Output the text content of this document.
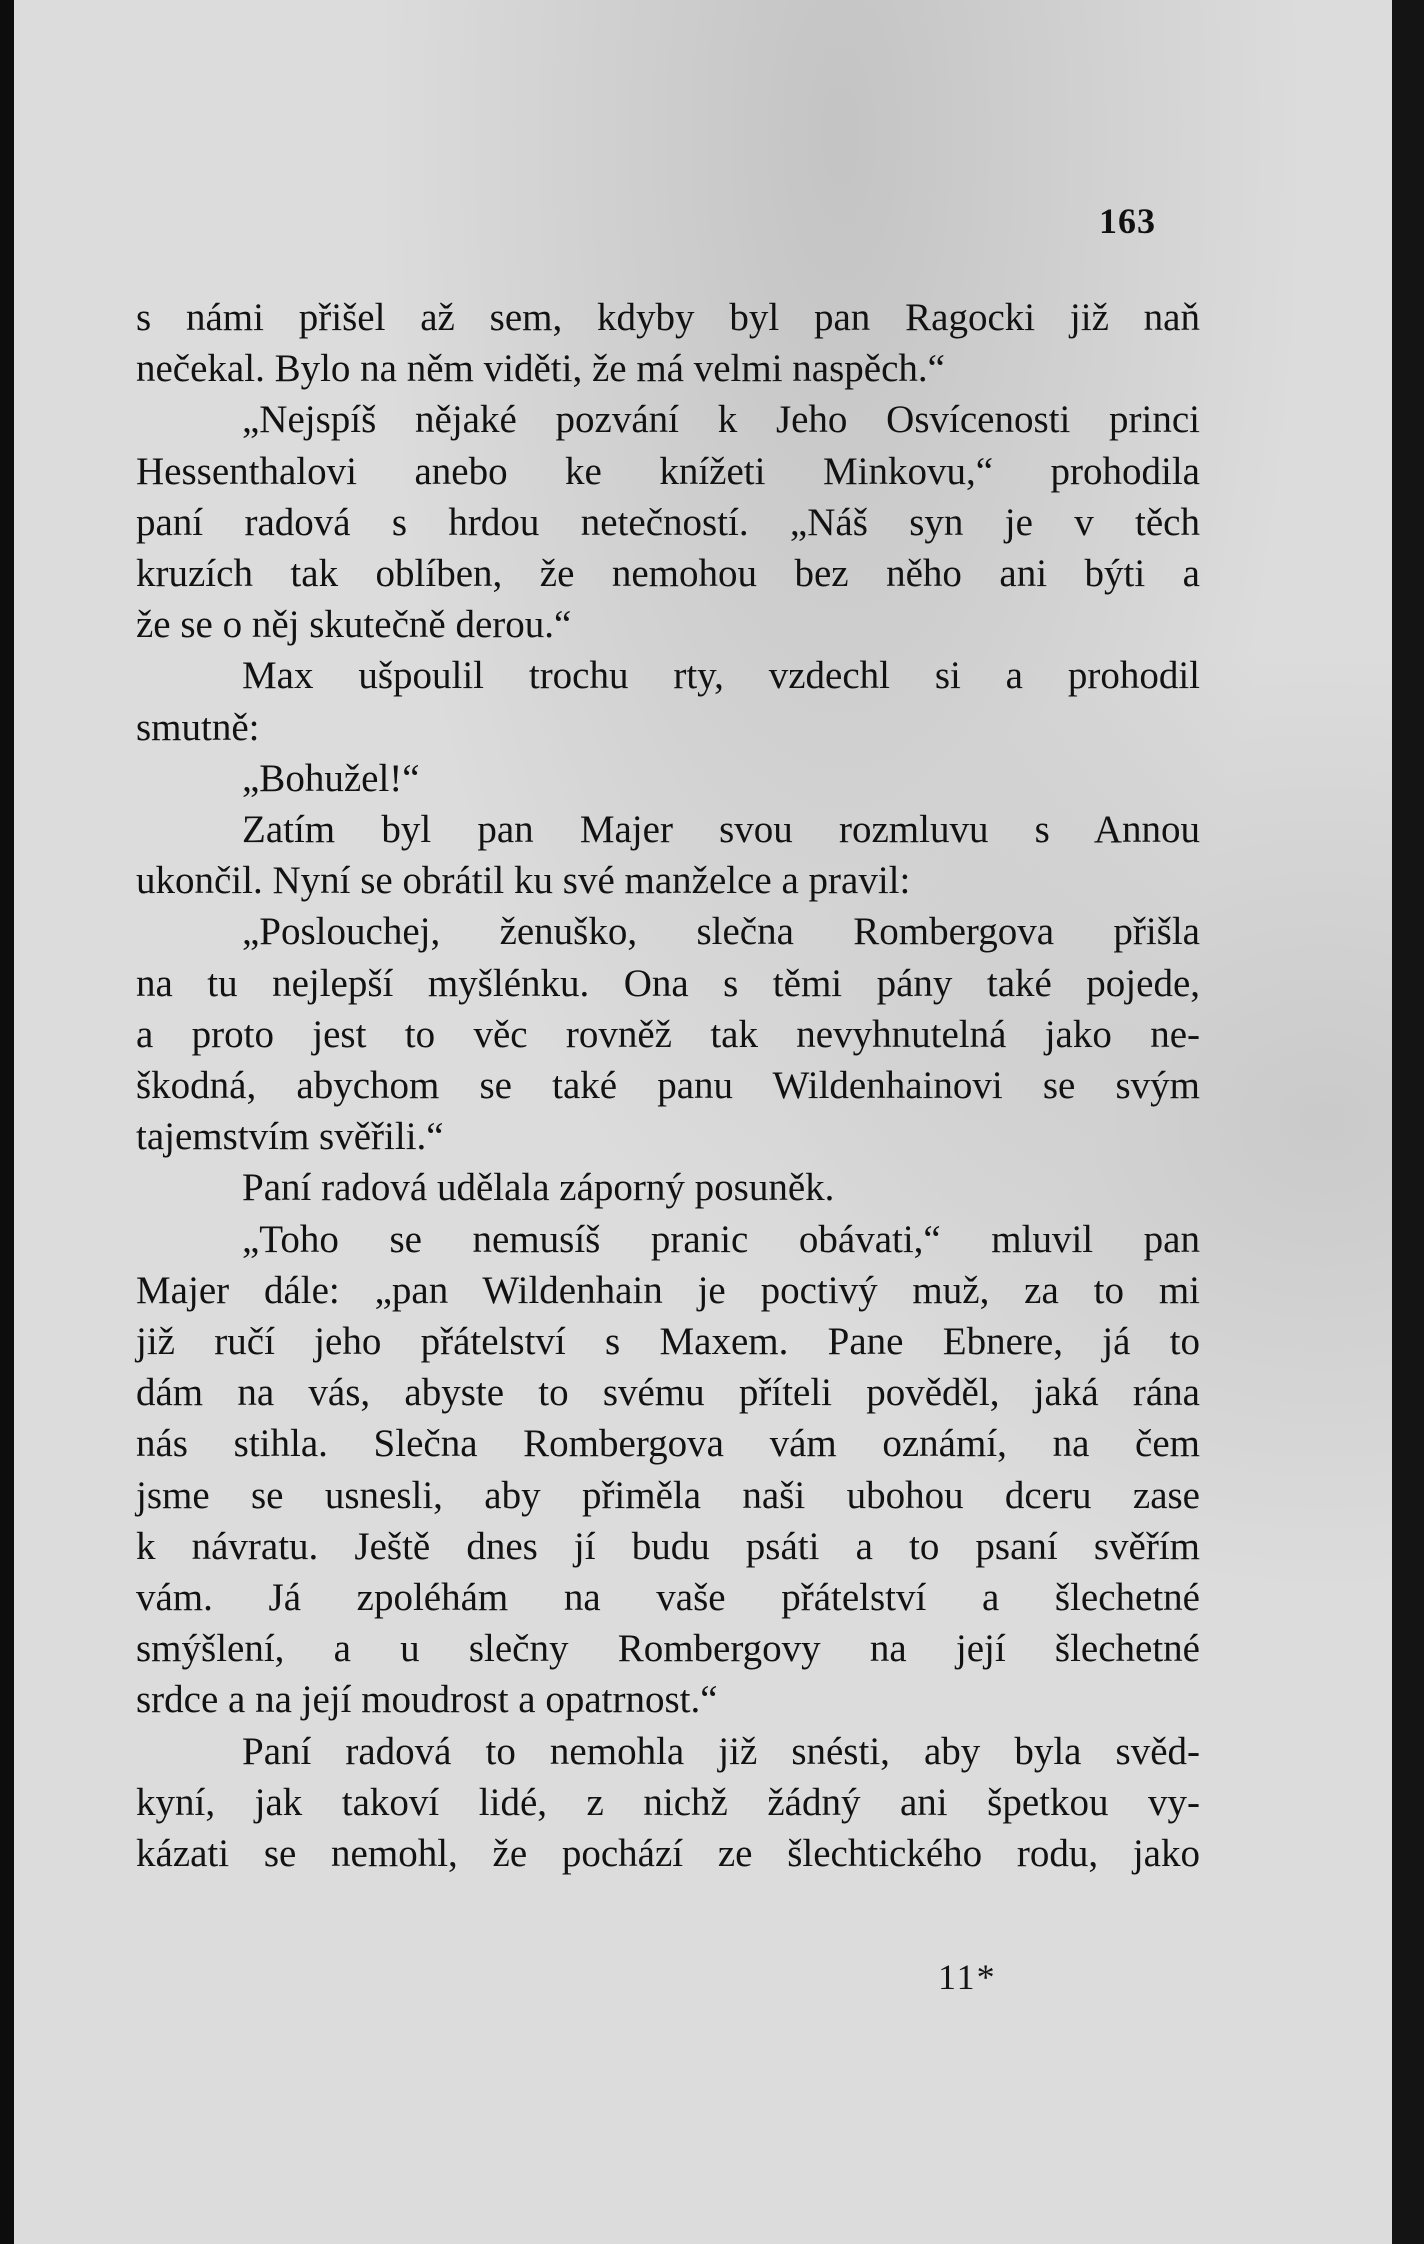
163
s námi přišel až sem, kdyby byl pan Ragocki již naň
nečekal. Bylo na něm viděti, že má velmi naspěch.“
„Nejspíš nějaké pozvání k Jeho Osvícenosti princi
Hessenthalovi anebo ke knížeti Minkovu,“ prohodila
paní radová s hrdou netečností. „Náš syn je v těch
kruzích tak oblíben, že nemohou bez něho ani býti a
že se o něj skutečně derou.“
Max ušpoulil trochu rty, vzdechl si a prohodil
smutně:
„Bohužel!“
Zatím byl pan Majer svou rozmluvu s Annou
ukončil. Nyní se obrátil ku své manželce a pravil:
„Poslouchej, ženuško, slečna Rombergova přišla
na tu nejlepší myšlénku. Ona s těmi pány také pojede,
a proto jest to věc rovněž tak nevyhnutelná jako ne-
škodná, abychom se také panu Wildenhainovi se svým
tajemstvím svěřili.“
Paní radová udělala záporný posuněk.
„Toho se nemusíš pranic obávati,“ mluvil pan
Majer dále: „pan Wildenhain je poctivý muž, za to mi
již ručí jeho přátelství s Maxem. Pane Ebnere, já to
dám na vás, abyste to svému příteli pověděl, jaká rána
nás stihla. Slečna Rombergova vám oznámí, na čem
jsme se usnesli, aby přiměla naši ubohou dceru zase
k návratu. Ještě dnes jí budu psáti a to psaní svěřím
vám. Já zpoléhám na vaše přátelství a šlechetné
smýšlení, a u slečny Rombergovy na její šlechetné
srdce a na její moudrost a opatrnost.“
Paní radová to nemohla již snésti, aby byla svěd-
kyní, jak takoví lidé, z nichž žádný ani špetkou vy-
kázati se nemohl, že pochází ze šlechtického rodu, jako
11*
